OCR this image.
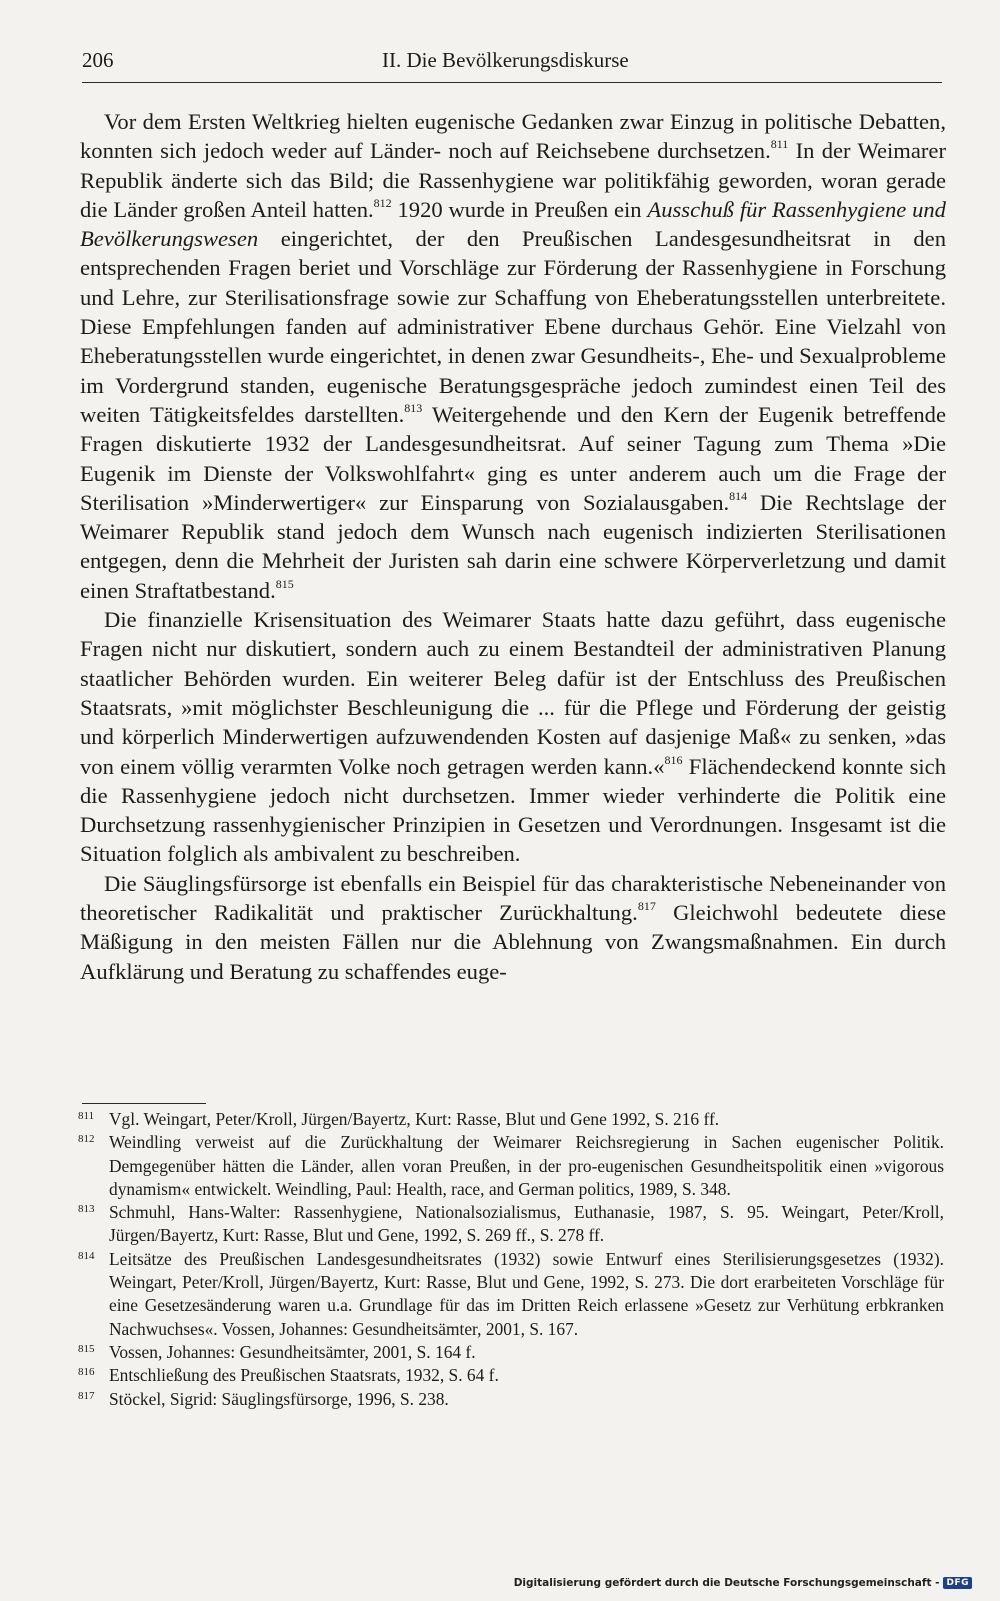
206	II. Die Bevölkerungsdiskurse

Vor dem Ersten Weltkrieg hielten eugenische Gedanken zwar Einzug in politische Debatten, konnten sich jedoch weder auf Länder- noch auf Reichsebene durchsetzen.$^{811}$ In der Weimarer Republik änderte sich das Bild; die Rassenhygiene war politikfähig geworden, woran gerade die Länder großen Anteil hatten.$^{812}$ 1920 wurde in Preußen ein Ausschuß für Rassenhygiene und Bevölkerungswesen eingerichtet, der den Preußischen Landesgesundheitsrat in den entsprechenden Fragen beriet und Vorschläge zur Förderung der Rassenhygiene in Forschung und Lehre, zur Sterilisationsfrage sowie zur Schaffung von Eheberatungsstellen unterbreitete. Diese Empfehlungen fanden auf administrativer Ebene durchaus Gehör. Eine Vielzahl von Eheberatungsstellen wurde eingerichtet, in denen zwar Gesundheits-, Ehe- und Sexualprobleme im Vordergrund standen, eugenische Beratungsgespräche jedoch zumindest einen Teil des weiten Tätigkeitsfeldes darstellten.$^{813}$ Weitergehende und den Kern der Eugenik betreffende Fragen diskutierte 1932 der Landesgesundheitsrat. Auf seiner Tagung zum Thema »Die Eugenik im Dienste der Volkswohlfahrt« ging es unter anderem auch um die Frage der Sterilisation »Minderwertiger« zur Einsparung von Sozialausgaben.$^{814}$ Die Rechtslage der Weimarer Republik stand jedoch dem Wunsch nach eugenisch indizierten Sterilisationen entgegen, denn die Mehrheit der Juristen sah darin eine schwere Körperverletzung und damit einen Straftatbestand.$^{815}$

Die finanzielle Krisensituation des Weimarer Staats hatte dazu geführt, dass eugenische Fragen nicht nur diskutiert, sondern auch zu einem Bestandteil der administrativen Planung staatlicher Behörden wurden. Ein weiterer Beleg dafür ist der Entschluss des Preußischen Staatsrats, »mit möglichster Beschleunigung die ... für die Pflege und Förderung der geistig und körperlich Minderwertigen aufzuwendenden Kosten auf dasjenige Maß« zu senken, »das von einem völlig verarmten Volke noch getragen werden kann.«$^{816}$ Flächendeckend konnte sich die Rassenhygiene jedoch nicht durchsetzen. Immer wieder verhinderte die Politik eine Durchsetzung rassenhygienischer Prinzipien in Gesetzen und Verordnungen. Insgesamt ist die Situation folglich als ambivalent zu beschreiben.

Die Säuglingsfürsorge ist ebenfalls ein Beispiel für das charakteristische Nebeneinander von theoretischer Radikalität und praktischer Zurückhaltung.$^{817}$ Gleichwohl bedeutete diese Mäßigung in den meisten Fällen nur die Ablehnung von Zwangsmaßnahmen. Ein durch Aufklärung und Beratung zu schaffendes euge-

811 Vgl. Weingart, Peter/Kroll, Jürgen/Bayertz, Kurt: Rasse, Blut und Gene 1992, S. 216 ff.

812 Weindling verweist auf die Zurückhaltung der Weimarer Reichsregierung in Sachen eugenischer Politik. Demgegenüber hätten die Länder, allen voran Preußen, in der pro-eugenischen Gesundheitspolitik einen »vigorous dynamism« entwickelt. Weindling, Paul: Health, race, and German politics, 1989, S. 348.

813 Schmuhl, Hans-Walter: Rassenhygiene, Nationalsozialismus, Euthanasie, 1987, S. 95. Weingart, Peter/Kroll, Jürgen/Bayertz, Kurt: Rasse, Blut und Gene, 1992, S. 269 ff., S. 278 ff.

814 Leitsätze des Preußischen Landesgesundheitsrates (1932) sowie Entwurf eines Sterilisierungsgesetzes (1932). Weingart, Peter/Kroll, Jürgen/Bayertz, Kurt: Rasse, Blut und Gene, 1992, S. 273. Die dort erarbeiteten Vorschläge für eine Gesetzesänderung waren u.a. Grundlage für das im Dritten Reich erlassene »Gesetz zur Verhütung erbkranken Nachwuchses«. Vossen, Johannes: Gesundheitsämter, 2001, S. 167.

815 Vossen, Johannes: Gesundheitsämter, 2001, S. 164 f.

816 Entschließung des Preußischen Staatsrats, 1932, S. 64 f.

817 Stöckel, Sigrid: Säuglingsfürsorge, 1996, S. 238.

Digitalisierung gefördert durch die Deutsche Forschungsgemeinschaft - DFG
